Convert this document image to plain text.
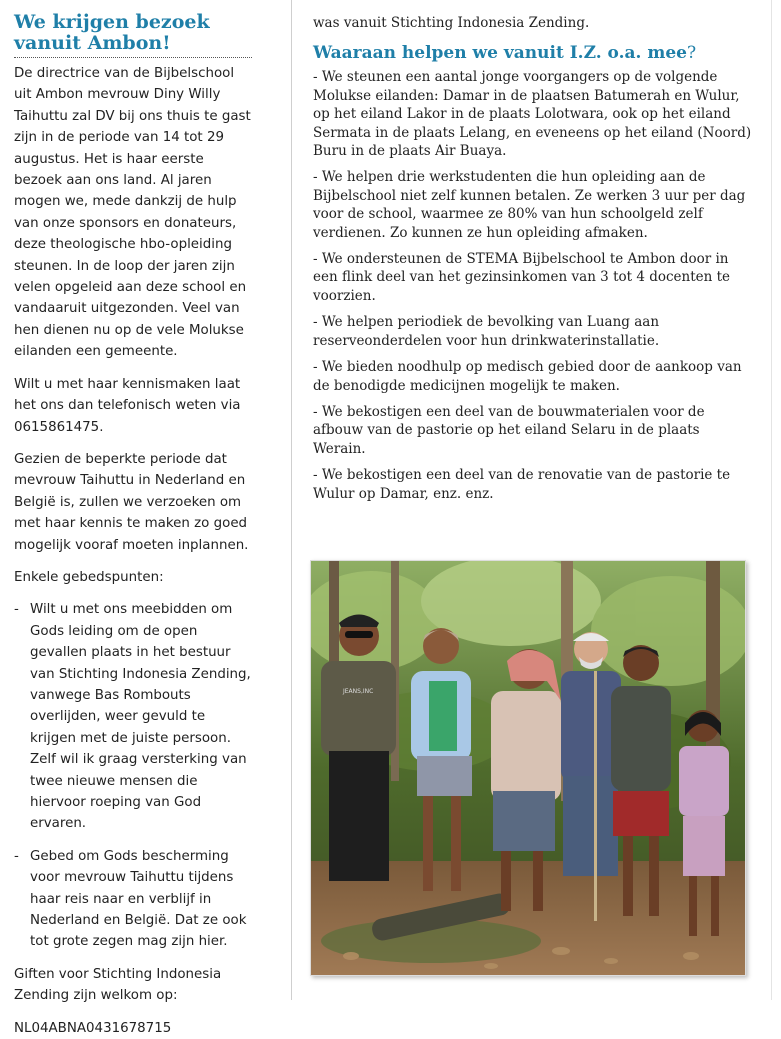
We krijgen bezoek
vanuit Ambon!

De directrice van de Bijbelschool uit Ambon mevrouw Diny Willy Taihuttu zal DV bij ons thuis te gast zijn in de periode van 14 tot 29 augustus. Het is haar eerste bezoek aan ons land. Al jaren mogen we, mede dankzij de hulp van onze sponsors en donateurs, deze theologische hbo-opleiding steunen. In de loop der jaren zijn velen opgeleid aan deze school en vandaaruit uitgezonden. Veel van hen dienen nu op de vele Molukse eilanden een gemeente.

Wilt u met haar kennismaken laat het ons dan telefonisch weten via 0615861475.

Gezien de beperkte periode dat mevrouw Taihuttu in Nederland en België is, zullen we verzoeken om met haar kennis te maken zo goed mogelijk vooraf moeten inplannen.

Enkele gebedspunten:

- Wilt u met ons meebidden om Gods leiding om de open gevallen plaats in het bestuur van Stichting Indonesia Zending, vanwege Bas Rombouts overlijden, weer gevuld te krijgen met de juiste persoon. Zelf wil ik graag versterking van twee nieuwe mensen die hiervoor roeping van God ervaren.
- Gebed om Gods bescherming voor mevrouw Taihuttu tijdens haar reis naar en verblijf in Nederland en België. Dat ze ook tot grote zegen mag zijn hier.

Giften voor Stichting Indonesia Zending zijn welkom op:

NL04ABNA0431678715

was vanuit Stichting Indonesia Zending.

Waaraan helpen we vanuit I.Z. o.a. mee?

- We steunen een aantal jonge voorgangers op de volgende Molukse eilanden: Damar in de plaatsen Batumerah en Wulur, op het eiland Lakor in de plaats Lolotwara, ook op het eiland Sermata in de plaats Lelang, en eveneens op het eiland (Noord) Buru in de plaats Air Buaya.

- We helpen drie werkstudenten die hun opleiding aan de Bijbelschool niet zelf kunnen betalen. Ze werken 3 uur per dag voor de school, waarmee ze 80% van hun schoolgeld zelf verdienen. Zo kunnen ze hun opleiding afmaken.

- We ondersteunen de STEMA Bijbelschool te Ambon door in een flink deel van het gezinsinkomen van 3 tot 4 docenten te voorzien.

- We helpen periodiek de bevolking van Luang aan reserveonderdelen voor hun drinkwaterinstallatie.

- We bieden noodhulp op medisch gebied door de aankoop van de benodigde medicijnen mogelijk te maken.

- We bekostigen een deel van de bouwmaterialen voor de afbouw van de pastorie op het eiland Selaru in de plaats Werain.

- We bekostigen een deel van de renovatie van de pastorie te Wulur op Damar, enz. enz.

JEANS,INC
